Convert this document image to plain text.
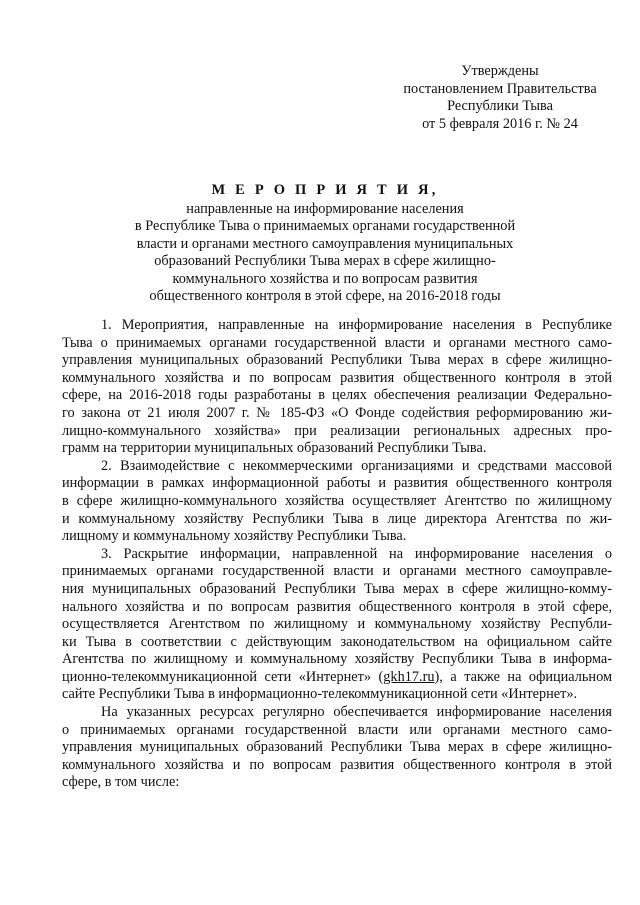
Утверждены
постановлением Правительства
Республики Тыва
от 5 февраля 2016 г. № 24
М Е Р О П Р И Я Т И Я,
направленные на информирование населения
в Республике Тыва о принимаемых органами государственной
власти и органами местного самоуправления муниципальных
образований Республики Тыва мерах в сфере жилищно-
коммунального хозяйства и по вопросам развития
общественного контроля в этой сфере, на 2016-2018 годы
1. Мероприятия, направленные на информирование населения в Республике
Тыва о принимаемых органами государственной власти и органами местного само-
управления муниципальных образований Республики Тыва мерах в сфере жилищно-
коммунального хозяйства и по вопросам развития общественного контроля в этой
сфере, на 2016-2018 годы разработаны в целях обеспечения реализации Федерально-
го закона от 21 июля 2007 г. № 185-ФЗ «О Фонде содействия реформированию жи-
лищно-коммунального хозяйства» при реализации региональных адресных про-
грамм на территории муниципальных образований Республики Тыва.
2. Взаимодействие с некоммерческими организациями и средствами массовой
информации в рамках информационной работы и развития общественного контроля
в сфере жилищно-коммунального хозяйства осуществляет Агентство по жилищному
и коммунальному хозяйству Республики Тыва в лице директора Агентства по жи-
лищному и коммунальному хозяйству Республики Тыва.
3. Раскрытие информации, направленной на информирование населения о
принимаемых органами государственной власти и органами местного самоуправле-
ния муниципальных образований Республики Тыва мерах в сфере жилищно-комму-
нального хозяйства и по вопросам развития общественного контроля в этой сфере,
осуществляется Агентством по жилищному и коммунальному хозяйству Республи-
ки Тыва в соответствии с действующим законодательством на официальном сайте
Агентства по жилищному и коммунальному хозяйству Республики Тыва в информа-
ционно-телекоммуникационной сети «Интернет» (gkh17.ru), а также на официальном
сайте Республики Тыва в информационно-телекоммуникационной сети «Интернет».
На указанных ресурсах регулярно обеспечивается информирование населения
о принимаемых органами государственной власти или органами местного само-
управления муниципальных образований Республики Тыва мерах в сфере жилищно-
коммунального хозяйства и по вопросам развития общественного контроля в этой
сфере, в том числе:
